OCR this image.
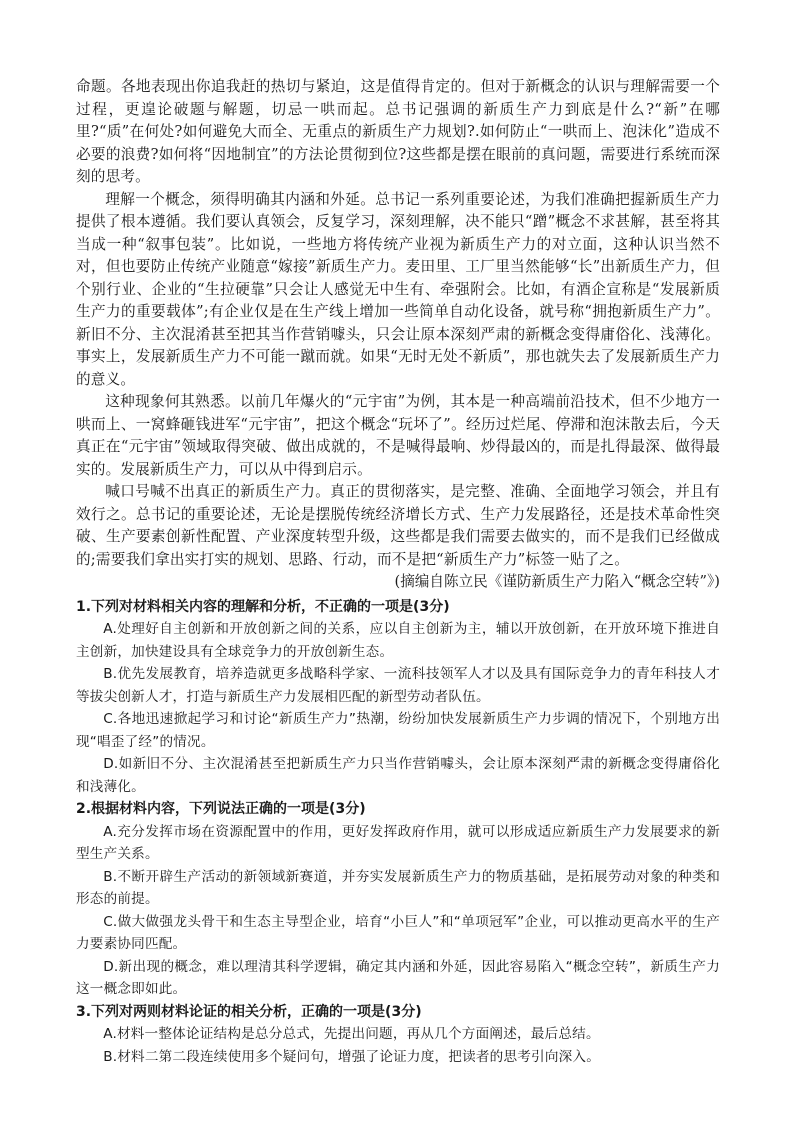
命题。各地表现出你追我赶的热切与紧迫，这是值得肯定的。但对于新概念的认识与理解需要一个过程，更遑论破题与解题，切忌一哄而起。总书记强调的新质生产力到底是什么?“新”在哪 里?“质”在何处?如何避免大而全、无重点的新质生产力规划?.如何防止“一哄而上、泡沫化”造成不必要的浪费?如何将“因地制宜”的方法论贯彻到位?这些都是摆在眼前的真问题，需要进行系统而深刻的思考。

理解一个概念，须得明确其内涵和外延。总书记一系列重要论述，为我们准确把握新质生产力提供了根本遵循。我们要认真领会，反复学习，深刻理解，决不能只“蹭”概念不求甚解，甚至将其当成一种“叙事包装”。比如说，一些地方将传统产业视为新质生产力的对立面，这种认识当然不对，但也要防止传统产业随意“嫁接”新质生产力。麦田里、工厂里当然能够“长”出新质生产力，但个别行业、企业的“生拉硬靠”只会让人感觉无中生有、牵强附会。比如，有酒企宣称是“发展新质生产力的重要载体”;有企业仅是在生产线上增加一些简单自动化设备，就号称“拥抱新质生产力”。新旧不分、主次混淆甚至把其当作营销噱头，只会让原本深刻严肃的新概念变得庸俗化、浅薄化。事实上，发展新质生产力不可能一蹴而就。如果“无时无处不新质”，那也就失去了发展新质生产力的意义。

这种现象何其熟悉。以前几年爆火的“元宇宙”为例，其本是一种高端前沿技术，但不少地方一哄而上、一窝蜂砸钱进军“元宇宙”，把这个概念“玩坏了”。经历过烂尾、停滞和泡沫散去后，今天真正在“元宇宙”领域取得突破、做出成就的，不是喊得最响、炒得最凶的，而是扎得最深、做得最实的。发展新质生产力，可以从中得到启示。

喊口号喊不出真正的新质生产力。真正的贯彻落实，是完整、准确、全面地学习领会，并且有效行之。总书记的重要论述，无论是摆脱传统经济增长方式、生产力发展路径，还是技术革命性突破、生产要素创新性配置、产业深度转型升级，这些都是我们需要去做实的，而不是我们已经做成的;需要我们拿出实打实的规划、思路、行动，而不是把“新质生产力”标签一贴了之。

(摘编自陈立民《谨防新质生产力陷入“概念空转”》)

1.下列对材料相关内容的理解和分析，不正确的一项是(3分)

A.处理好自主创新和开放创新之间的关系，应以自主创新为主，辅以开放创新，在开放环境下推进自主创新，加快建设具有全球竞争力的开放创新生态。

B.优先发展教育，培养造就更多战略科学家、一流科技领军人才以及具有国际竞争力的青年科技人才等拔尖创新人才，打造与新质生产力发展相匹配的新型劳动者队伍。

C.各地迅速掀起学习和讨论“新质生产力”热潮，纷纷加快发展新质生产力步调的情况下，个别地方出现“唱歪了经”的情况。

D.如新旧不分、主次混淆甚至把新质生产力只当作营销噱头，会让原本深刻严肃的新概念变得庸俗化和浅薄化。

2.根据材料内容，下列说法正确的一项是(3分)

A.充分发挥市场在资源配置中的作用，更好发挥政府作用，就可以形成适应新质生产力发展要求的新型生产关系。

B.不断开辟生产活动的新领域新赛道，并夯实发展新质生产力的物质基础，是拓展劳动对象的种类和形态的前提。

C.做大做强龙头骨干和生态主导型企业，培育“小巨人”和“单项冠军”企业，可以推动更高水平的生产力要素协同匹配。

D.新出现的概念，难以理清其科学逻辑，确定其内涵和外延，因此容易陷入“概念空转”，新质生产力这一概念即如此。

3.下列对两则材料论证的相关分析，正确的一项是(3分)

A.材料一整体论证结构是总分总式，先提出问题，再从几个方面阐述，最后总结。

B.材料二第二段连续使用多个疑问句，增强了论证力度，把读者的思考引向深入。
